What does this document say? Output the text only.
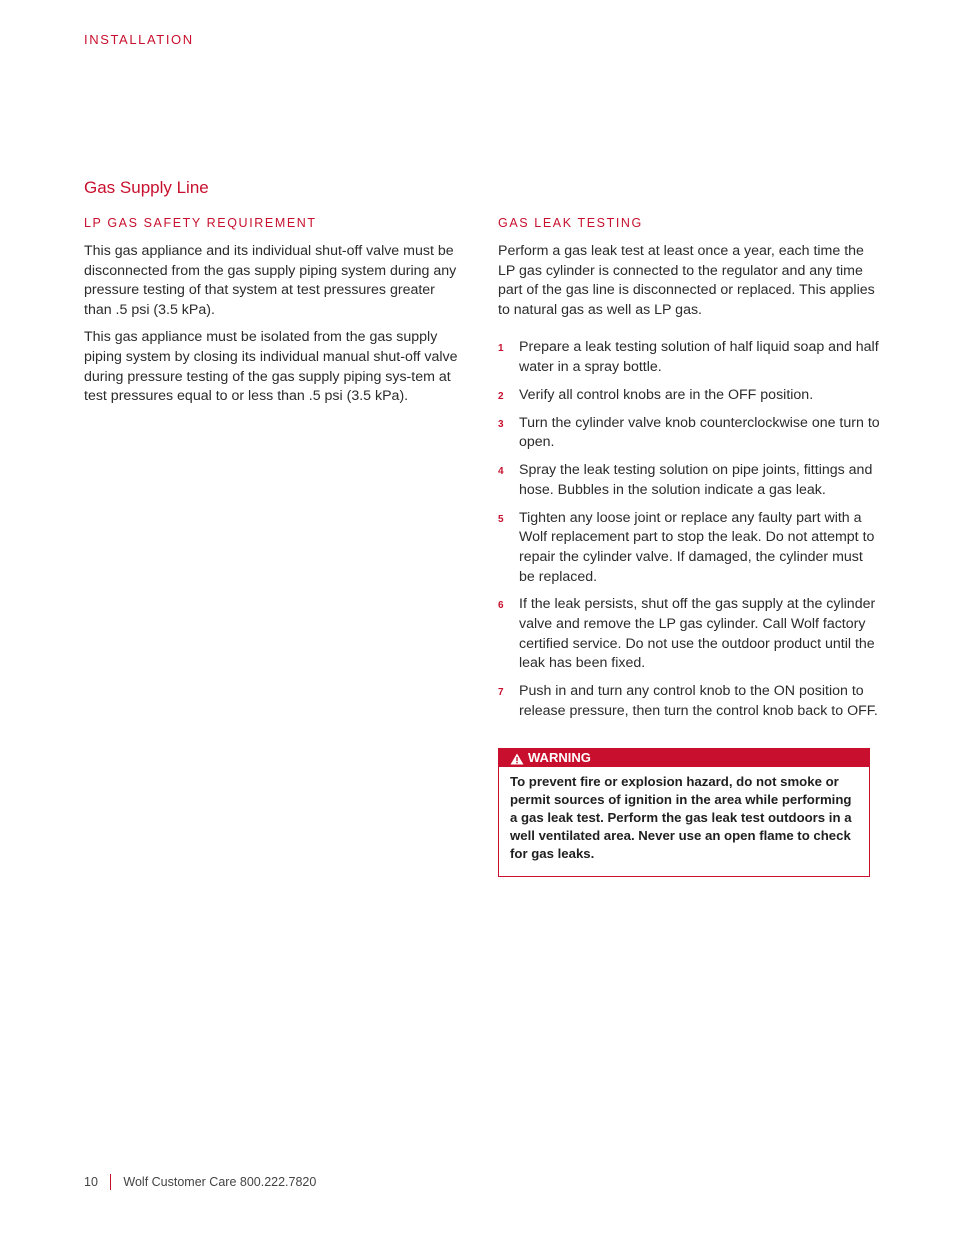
INSTALLATION
Gas Supply Line
LP GAS SAFETY REQUIREMENT

This gas appliance and its individual shut-off valve must be disconnected from the gas supply piping system during any pressure testing of that system at test pressures greater than .5 psi (3.5 kPa).

This gas appliance must be isolated from the gas supply piping system by closing its individual manual shut-off valve during pressure testing of the gas supply piping sys-tem at test pressures equal to or less than .5 psi (3.5 kPa).

GAS LEAK TESTING

Perform a gas leak test at least once a year, each time the LP gas cylinder is connected to the regulator and any time part of the gas line is disconnected or replaced. This applies to natural gas as well as LP gas.

1 Prepare a leak testing solution of half liquid soap and half water in a spray bottle.
2 Verify all control knobs are in the OFF position.
3 Turn the cylinder valve knob counterclockwise one turn to open.
4 Spray the leak testing solution on pipe joints, fittings and hose. Bubbles in the solution indicate a gas leak.
5 Tighten any loose joint or replace any faulty part with a Wolf replacement part to stop the leak. Do not attempt to repair the cylinder valve. If damaged, the cylinder must be replaced.
6 If the leak persists, shut off the gas supply at the cylinder valve and remove the LP gas cylinder. Call Wolf factory certified service. Do not use the outdoor product until the leak has been fixed.
7 Push in and turn any control knob to the ON position to release pressure, then turn the control knob back to OFF.
WARNING
To prevent fire or explosion hazard, do not smoke or permit sources of ignition in the area while performing a gas leak test. Perform the gas leak test outdoors in a well ventilated area. Never use an open flame to check for gas leaks.
10 Wolf Customer Care 800.222.7820
